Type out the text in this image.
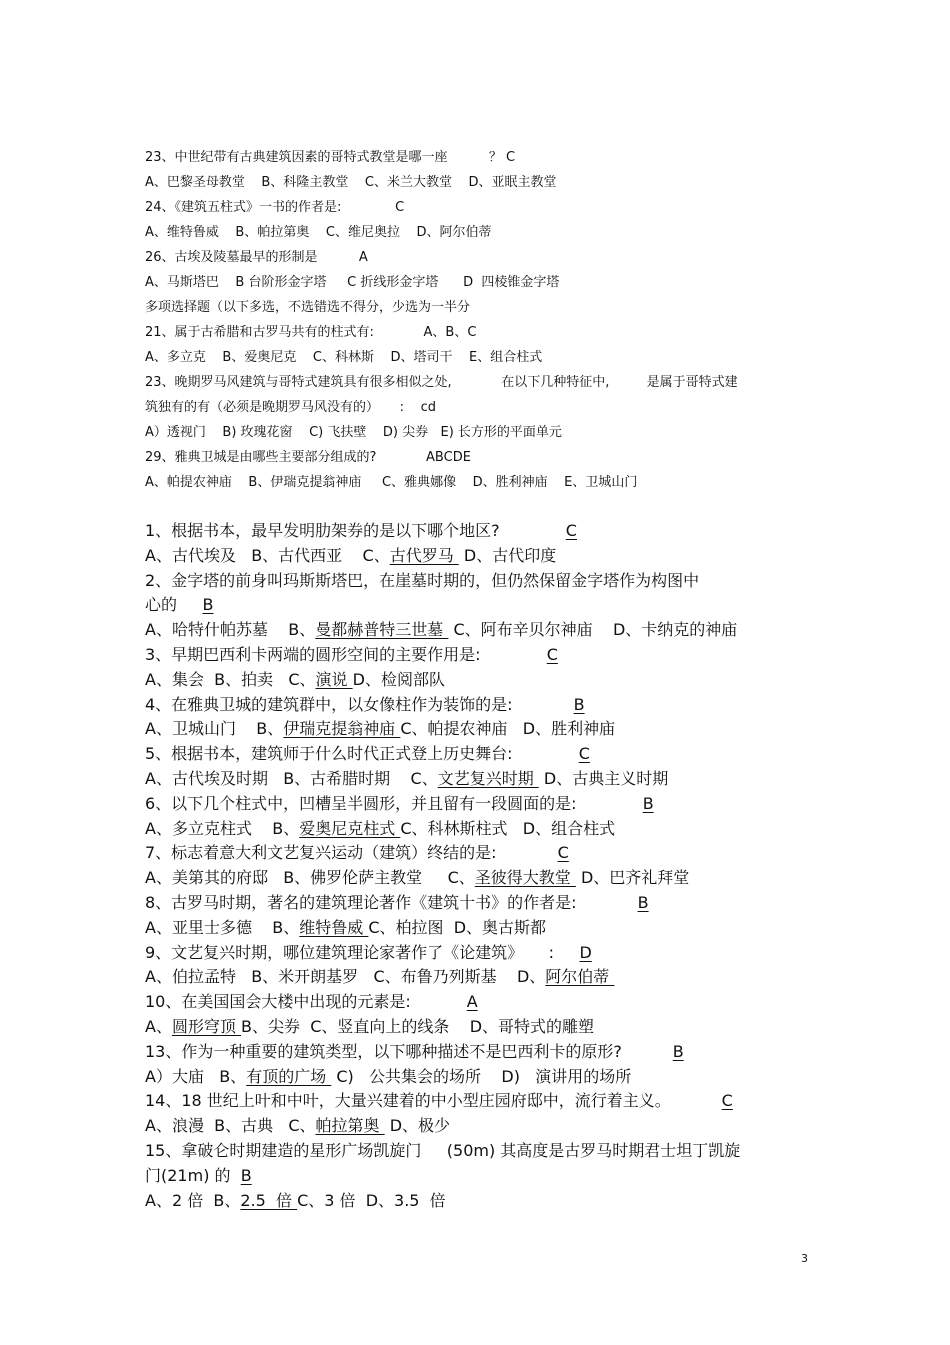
23、中世纪带有古典建筑因素的哥特式教堂是哪一座          ？ C
A、巴黎圣母教堂    B、科隆主教堂    C、米兰大教堂    D、亚眠主教堂
24、《建筑五柱式》一书的作者是:             C
A、维特鲁威    B、帕拉第奥    C、维尼奥拉    D、阿尔伯蒂
26、古埃及陵墓最早的形制是          A
A、马斯塔巴    B 台阶形金字塔     C 折线形金字塔      D  四棱锥金字塔
多项选择题（以下多选，不选错选不得分，少选为一半分
21、属于古希腊和古罗马共有的柱式有:            A、B、C
A、多立克    B、爱奥尼克    C、科林斯    D、塔司干    E、组合柱式
23、晚期罗马风建筑与哥特式建筑具有很多相似之处,            在以下几种特征中,         是属于哥特式建
筑独有的有（必须是晚期罗马风没有的）     :    cd
A）透视门    B) 玫瑰花窗    C) 飞扶壁    D) 尖券   E) 长方形的平面单元
29、雅典卫城是由哪些主要部分组成的?            ABCDE
A、帕提农神庙    B、伊瑞克提翁神庙     C、雅典娜像    D、胜利神庙    E、卫城山门
1、根据书本，最早发明肋架券的是以下哪个地区?             C
A、古代埃及   B、古代西亚    C、古代罗马  D、古代印度
2、金字塔的前身叫玛斯斯塔巴，在崖墓时期的，但仍然保留金字塔作为构图中
心的     B
A、哈特什帕苏墓    B、曼都赫普特三世墓  C、阿布辛贝尔神庙    D、卡纳克的神庙
3、早期巴西利卡两端的圆形空间的主要作用是:             C
A、集会  B、拍卖   C、演说 D、检阅部队
4、在雅典卫城的建筑群中，以女像柱作为装饰的是:            B
A、卫城山门    B、伊瑞克提翁神庙 C、帕提农神庙   D、胜利神庙
5、根据书本，建筑师于什么时代正式登上历史舞台:             C
A、古代埃及时期   B、古希腊时期    C、文艺复兴时期  D、古典主义时期
6、以下几个柱式中，凹槽呈半圆形，并且留有一段圆面的是:             B
A、多立克柱式    B、爱奥尼克柱式 C、科林斯柱式   D、组合柱式
7、标志着意大利文艺复兴运动（建筑）终结的是:            C
A、美第其的府邸   B、佛罗伦萨主教堂     C、圣彼得大教堂  D、巴齐礼拜堂
8、古罗马时期，著名的建筑理论著作《建筑十书》的作者是:            B
A、亚里士多德    B、维特鲁威 C、柏拉图  D、奥古斯都
9、文艺复兴时期，哪位建筑理论家著作了《论建筑》     :     D
A、伯拉孟特   B、米开朗基罗   C、布鲁乃列斯基    D、阿尔伯蒂
10、在美国国会大楼中出现的元素是:           A
A、圆形穹顶 B、尖券  C、竖直向上的线条    D、哥特式的雕塑
13、作为一种重要的建筑类型，以下哪种描述不是巴西利卡的原形?          B
A）大庙   B、有顶的广场  C)   公共集会的场所    D)   演讲用的场所
14、18 世纪上叶和中叶，大量兴建着的中小型庄园府邸中，流行着主义。          C
A、浪漫  B、古典   C、帕拉第奥  D、极少
15、拿破仑时期建造的星形广场凯旋门     (50m) 其高度是古罗马时期君士坦丁凯旋
门(21m) 的  B
A、2 倍  B、2.5  倍 C、3 倍  D、3.5  倍
3
